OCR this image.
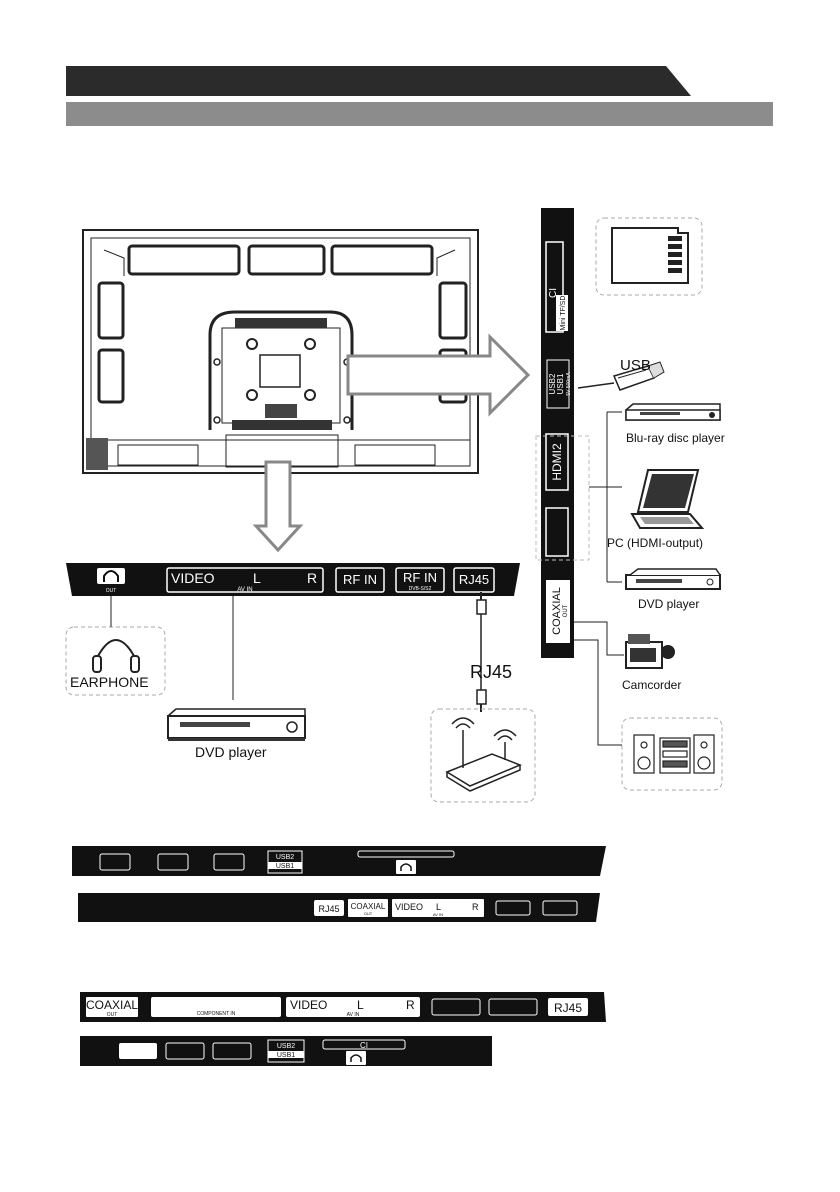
CI
Mini TF/SD
USB2 USB1 5V 500mA
HDMI2
COAXIAL OUT
OUT
VIDEO	L	R
AV IN
RF IN RF IN
DVB-S/S2
RJ45
USB2
USB1
RJ45 COAXIAL
OUT
VIDEO L	R
AV IN
COAXIAL
OUT	COMPONENT IN
VIDEO L	R
AV IN	RJ45
USB2
USB1
CI
USB
Blu-ray disc player
PC (HDMI-output)
DVD player
Camcorder
EARPHONE
DVD player
RJ45
